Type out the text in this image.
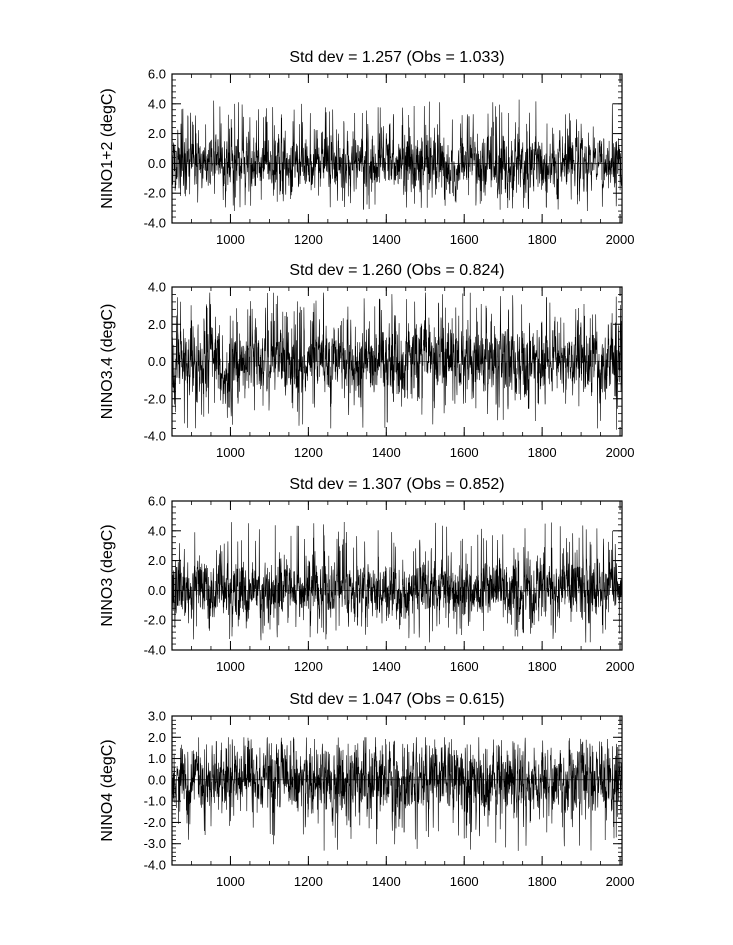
Std dev = 1.257 (Obs = 1.033)
NINO1+2 (degC)
1000	1200	1400	1600	1800	2000
-4.0
-2.0
0.0
2.0
4.0
6.0
Std dev = 1.260 (Obs = 0.824)
NINO3.4 (degC)
1000	1200	1400	1600	1800	2000
-4.0
-2.0
0.0
2.0
4.0
Std dev = 1.307 (Obs = 0.852)
NINO3 (degC)
1000	1200	1400	1600	1800	2000
-4.0
-2.0
0.0
2.0
4.0
6.0
Std dev = 1.047 (Obs = 0.615)
NINO4 (degC)
1000	1200	1400	1600	1800	2000
-4.0
-3.0
-2.0
-1.0
0.0
1.0
2.0
3.0
